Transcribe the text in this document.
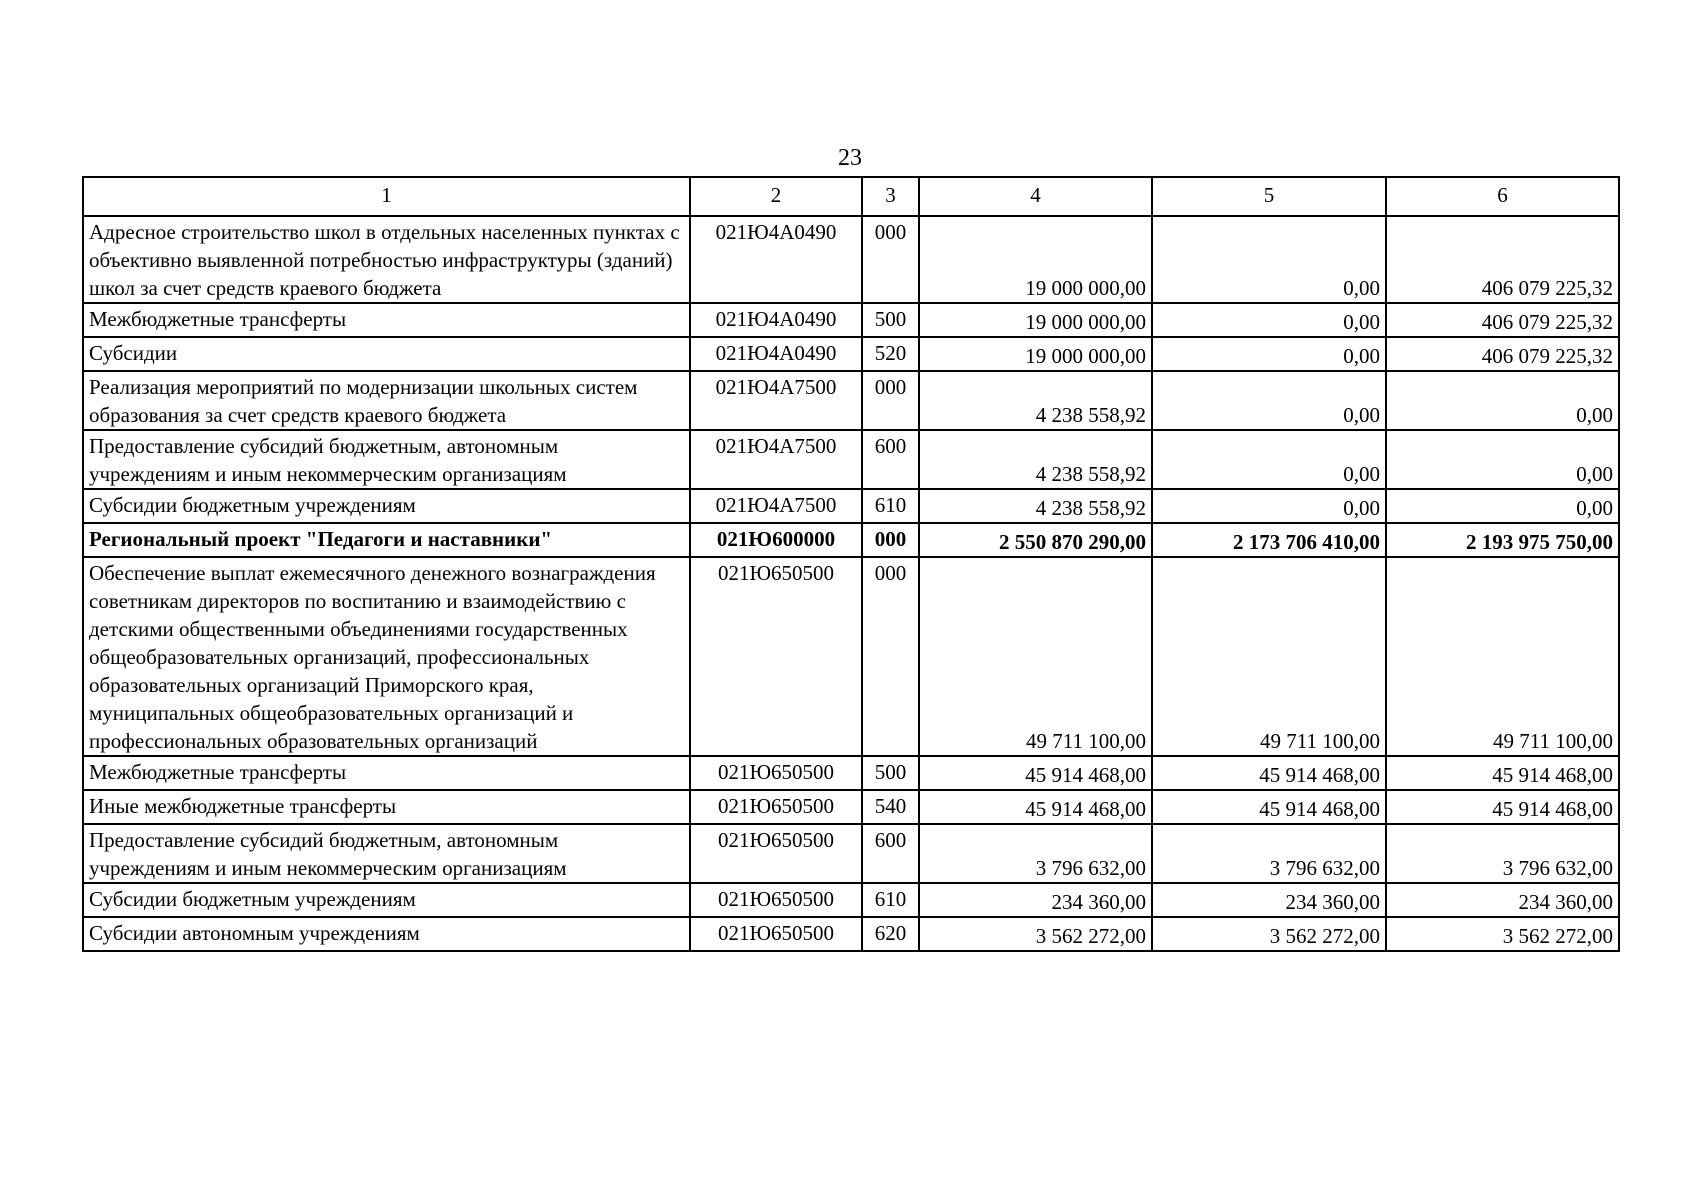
23
1	2	3	4	5	6
Адресное строительство школ в отдельных населенных пунктах с объективно выявленной потребностью инфраструктуры (зданий) школ за счет средств краевого бюджета	021Ю4А0490	000	19 000 000,00	0,00	406 079 225,32
Межбюджетные трансферты	021Ю4А0490	500	19 000 000,00	0,00	406 079 225,32
Субсидии	021Ю4А0490	520	19 000 000,00	0,00	406 079 225,32
Реализация мероприятий по модернизации школьных систем образования за счет средств краевого бюджета	021Ю4А7500	000	4 238 558,92	0,00	0,00
Предоставление субсидий бюджетным, автономным учреждениям и иным некоммерческим организациям	021Ю4А7500	600	4 238 558,92	0,00	0,00
Субсидии бюджетным учреждениям	021Ю4А7500	610	4 238 558,92	0,00	0,00
Региональный проект "Педагоги и наставники"	021Ю600000	000	2 550 870 290,00	2 173 706 410,00	2 193 975 750,00
Обеспечение выплат ежемесячного денежного вознаграждения советникам директоров по воспитанию и взаимодействию с детскими общественными объединениями государственных общеобразовательных организаций, профессиональных образовательных организаций Приморского края, муниципальных общеобразовательных организаций и профессиональных образовательных организаций	021Ю650500	000	49 711 100,00	49 711 100,00	49 711 100,00
Межбюджетные трансферты	021Ю650500	500	45 914 468,00	45 914 468,00	45 914 468,00
Иные межбюджетные трансферты	021Ю650500	540	45 914 468,00	45 914 468,00	45 914 468,00
Предоставление субсидий бюджетным, автономным учреждениям и иным некоммерческим организациям	021Ю650500	600	3 796 632,00	3 796 632,00	3 796 632,00
Субсидии бюджетным учреждениям	021Ю650500	610	234 360,00	234 360,00	234 360,00
Субсидии автономным учреждениям	021Ю650500	620	3 562 272,00	3 562 272,00	3 562 272,00
